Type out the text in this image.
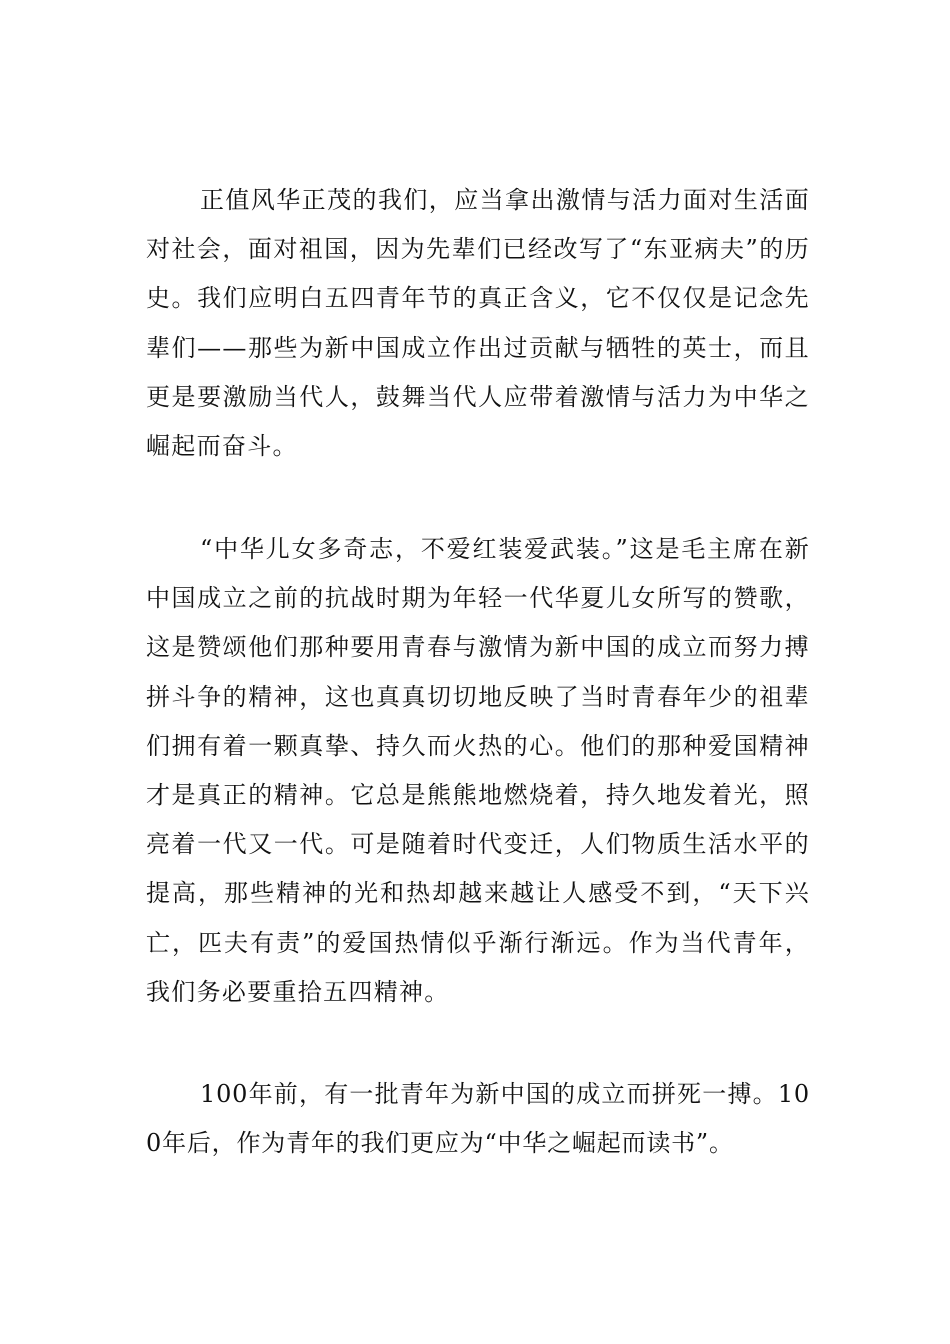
正值风华正茂的我们，应当拿出激情与活力面对生活面对社会，面对祖国，因为先辈们已经改写了“东亚病夫”的历史。我们应明白五四青年节的真正含义，它不仅仅是记念先辈们——那些为新中国成立作出过贡献与牺牲的英士，而且更是要激励当代人，鼓舞当代人应带着激情与活力为中华之崛起而奋斗。

“中华儿女多奇志，不爱红装爱武装。”这是毛主席在新中国成立之前的抗战时期为年轻一代华夏儿女所写的赞歌，这是赞颂他们那种要用青春与激情为新中国的成立而努力搏拼斗争的精神，这也真真切切地反映了当时青春年少的祖辈们拥有着一颗真挚、持久而火热的心。他们的那种爱国精神才是真正的精神。它总是熊熊地燃烧着，持久地发着光，照亮着一代又一代。可是随着时代变迁，人们物质生活水平的提高，那些精神的光和热却越来越让人感受不到，“天下兴亡，匹夫有责”的爱国热情似乎渐行渐远。作为当代青年，我们务必要重拾五四精神。

100年前，有一批青年为新中国的成立而拼死一搏。100年后，作为青年的我们更应为“中华之崛起而读书”。
